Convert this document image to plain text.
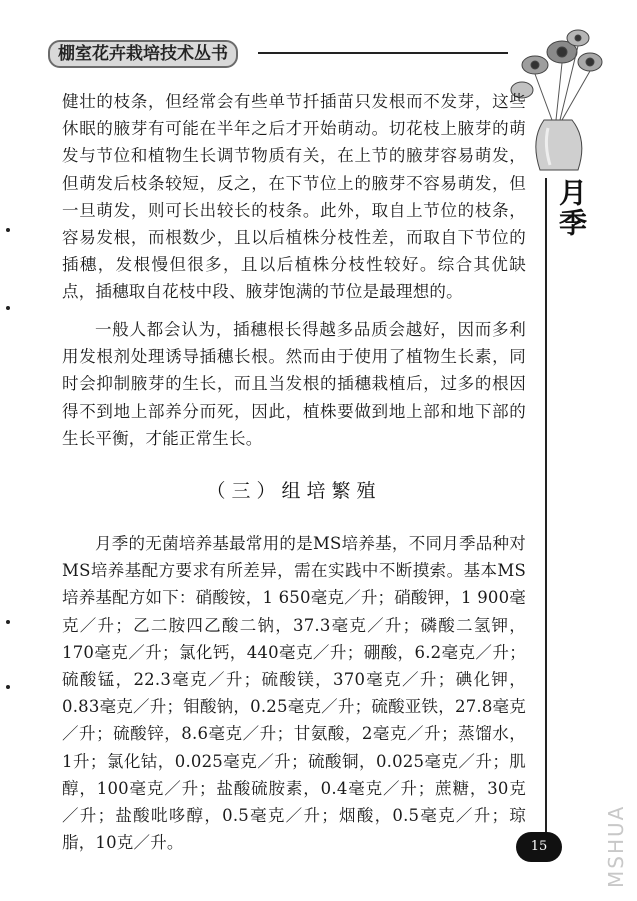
棚室花卉栽培技术丛书
月季

健壮的枝条，但经常会有些单节扦插苗只发根而不发芽，这些休眠的腋芽有可能在半年之后才开始萌动。切花枝上腋芽的萌发与节位和植物生长调节物质有关，在上节的腋芽容易萌发，但萌发后枝条较短，反之，在下节位上的腋芽不容易萌发，但一旦萌发，则可长出较长的枝条。此外，取自上节位的枝条，容易发根，而根数少，且以后植株分枝性差，而取自下节位的插穗，发根慢但很多，且以后植株分枝性较好。综合其优缺点，插穗取自花枝中段、腋芽饱满的节位是最理想的。

一般人都会认为，插穗根长得越多品质会越好，因而多利用发根剂处理诱导插穗长根。然而由于使用了植物生长素，同时会抑制腋芽的生长，而且当发根的插穗栽植后，过多的根因得不到地上部养分而死，因此，植株要做到地上部和地下部的生长平衡，才能正常生长。

（三）组培繁殖

月季的无菌培养基最常用的是MS培养基，不同月季品种对MS培养基配方要求有所差异，需在实践中不断摸索。基本MS培养基配方如下：硝酸铵，1 650毫克／升；硝酸钾，1 900毫克／升；乙二胺四乙酸二钠，37.3毫克／升；磷酸二氢钾，170毫克／升；氯化钙，440毫克／升；硼酸，6.2毫克／升；硫酸锰，22.3毫克／升；硫酸镁，370毫克／升；碘化钾，0.83毫克／升；钼酸钠，0.25毫克／升；硫酸亚铁，27.8毫克／升；硫酸锌，8.6毫克／升；甘氨酸，2毫克／升；蒸馏水，1升；氯化钴，0.025毫克／升；硫酸铜，0.025毫克／升；肌醇，100毫克／升；盐酸硫胺素，0.4毫克／升；蔗糖，30克／升；盐酸吡哆醇，0.5毫克／升；烟酸，0.5毫克／升；琼脂，10克／升。	15	MSHUA
